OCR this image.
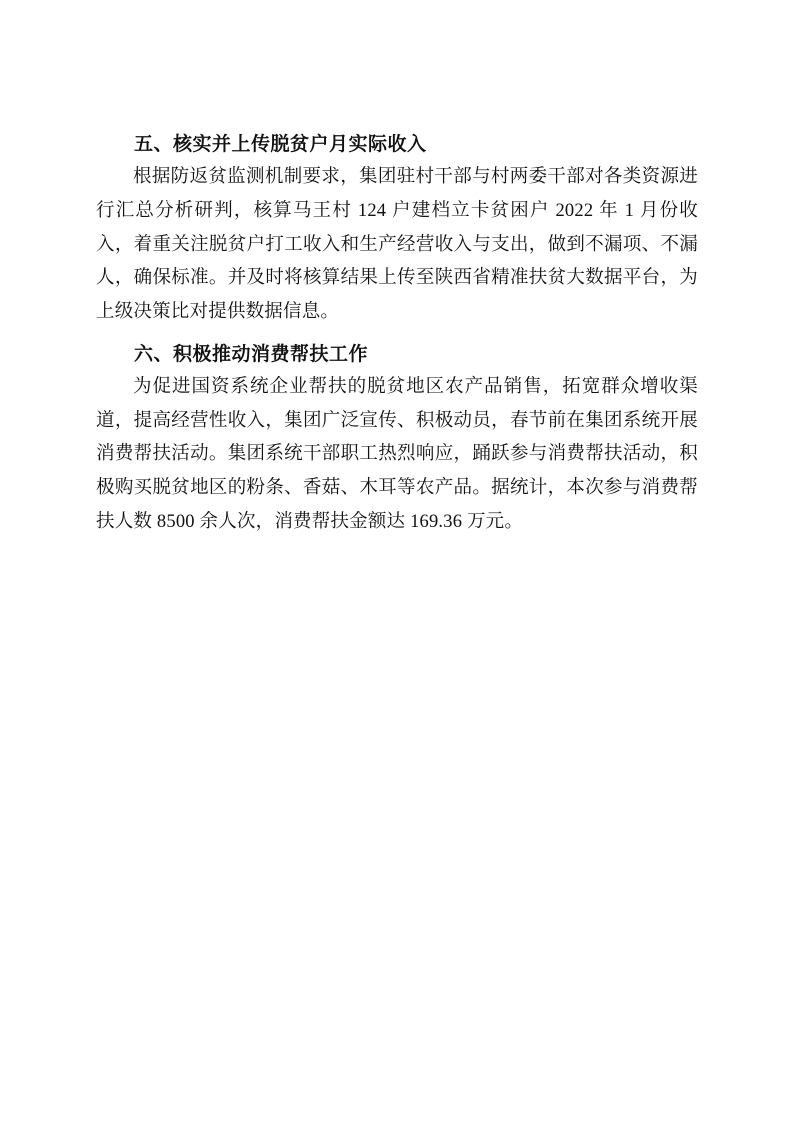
五、核实并上传脱贫户月实际收入

根据防返贫监测机制要求，集团驻村干部与村两委干部对各类资源进行汇总分析研判，核算马王村 124 户建档立卡贫困户 2022 年 1 月份收入，着重关注脱贫户打工收入和生产经营收入与支出，做到不漏项、不漏人，确保标准。并及时将核算结果上传至陕西省精准扶贫大数据平台，为上级决策比对提供数据信息。

六、积极推动消费帮扶工作

为促进国资系统企业帮扶的脱贫地区农产品销售，拓宽群众增收渠道，提高经营性收入，集团广泛宣传、积极动员，春节前在集团系统开展消费帮扶活动。集团系统干部职工热烈响应，踊跃参与消费帮扶活动，积极购买脱贫地区的粉条、香菇、木耳等农产品。据统计，本次参与消费帮扶人数 8500 余人次，消费帮扶金额达 169.36 万元。
